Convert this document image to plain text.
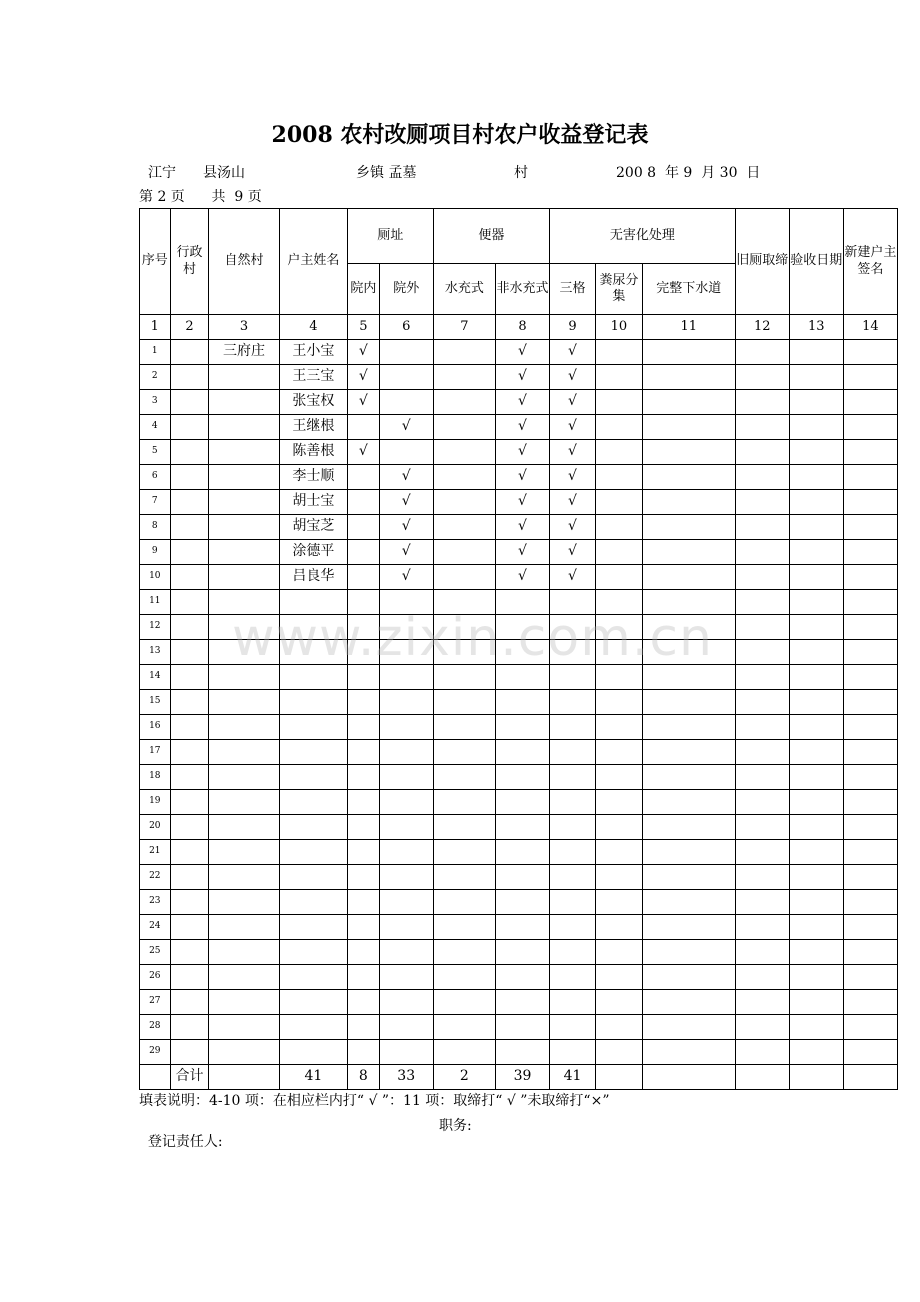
2008 农村改厕项目村农户收益登记表

江宁

县汤山

	乡镇 孟墓

	村

	200 8  年 9  月 30  日

第 2 页      共  9 页
序号	行政村	自然村	户主姓名	厕址		便器		无害化处理			旧厕取缔	验收日期	新建户主签名
				院内	院外	水充式	非水充式	三格	粪尿分集	完整下水道			
1	2	3	4	5	6	7	8	9	10	11	12	13	14
1		三府庄	王小宝	√			√	√					
2			王三宝	√			√	√					
3			张宝权	√			√	√					
4			王继根		√		√	√					
5			陈善根	√			√	√					
6			李士顺		√		√	√					
7			胡士宝		√		√	√					
8			胡宝芝		√		√	√					
9			涂德平		√		√	√					
10			吕良华		√		√	√					
11													
12													
13													
14													
15													
16													
17													
18													
19													
20													
21													
22													
23													
24													
25													
26													
27													
28													
29													
	合计		41	8	33	2	39	41					
填表说明：4-10 项：在相应栏内打“ √ ”：11 项：取缔打“ √ ”未取缔打“×”

登记责任人:

职务:

www.zixin.com.cn
